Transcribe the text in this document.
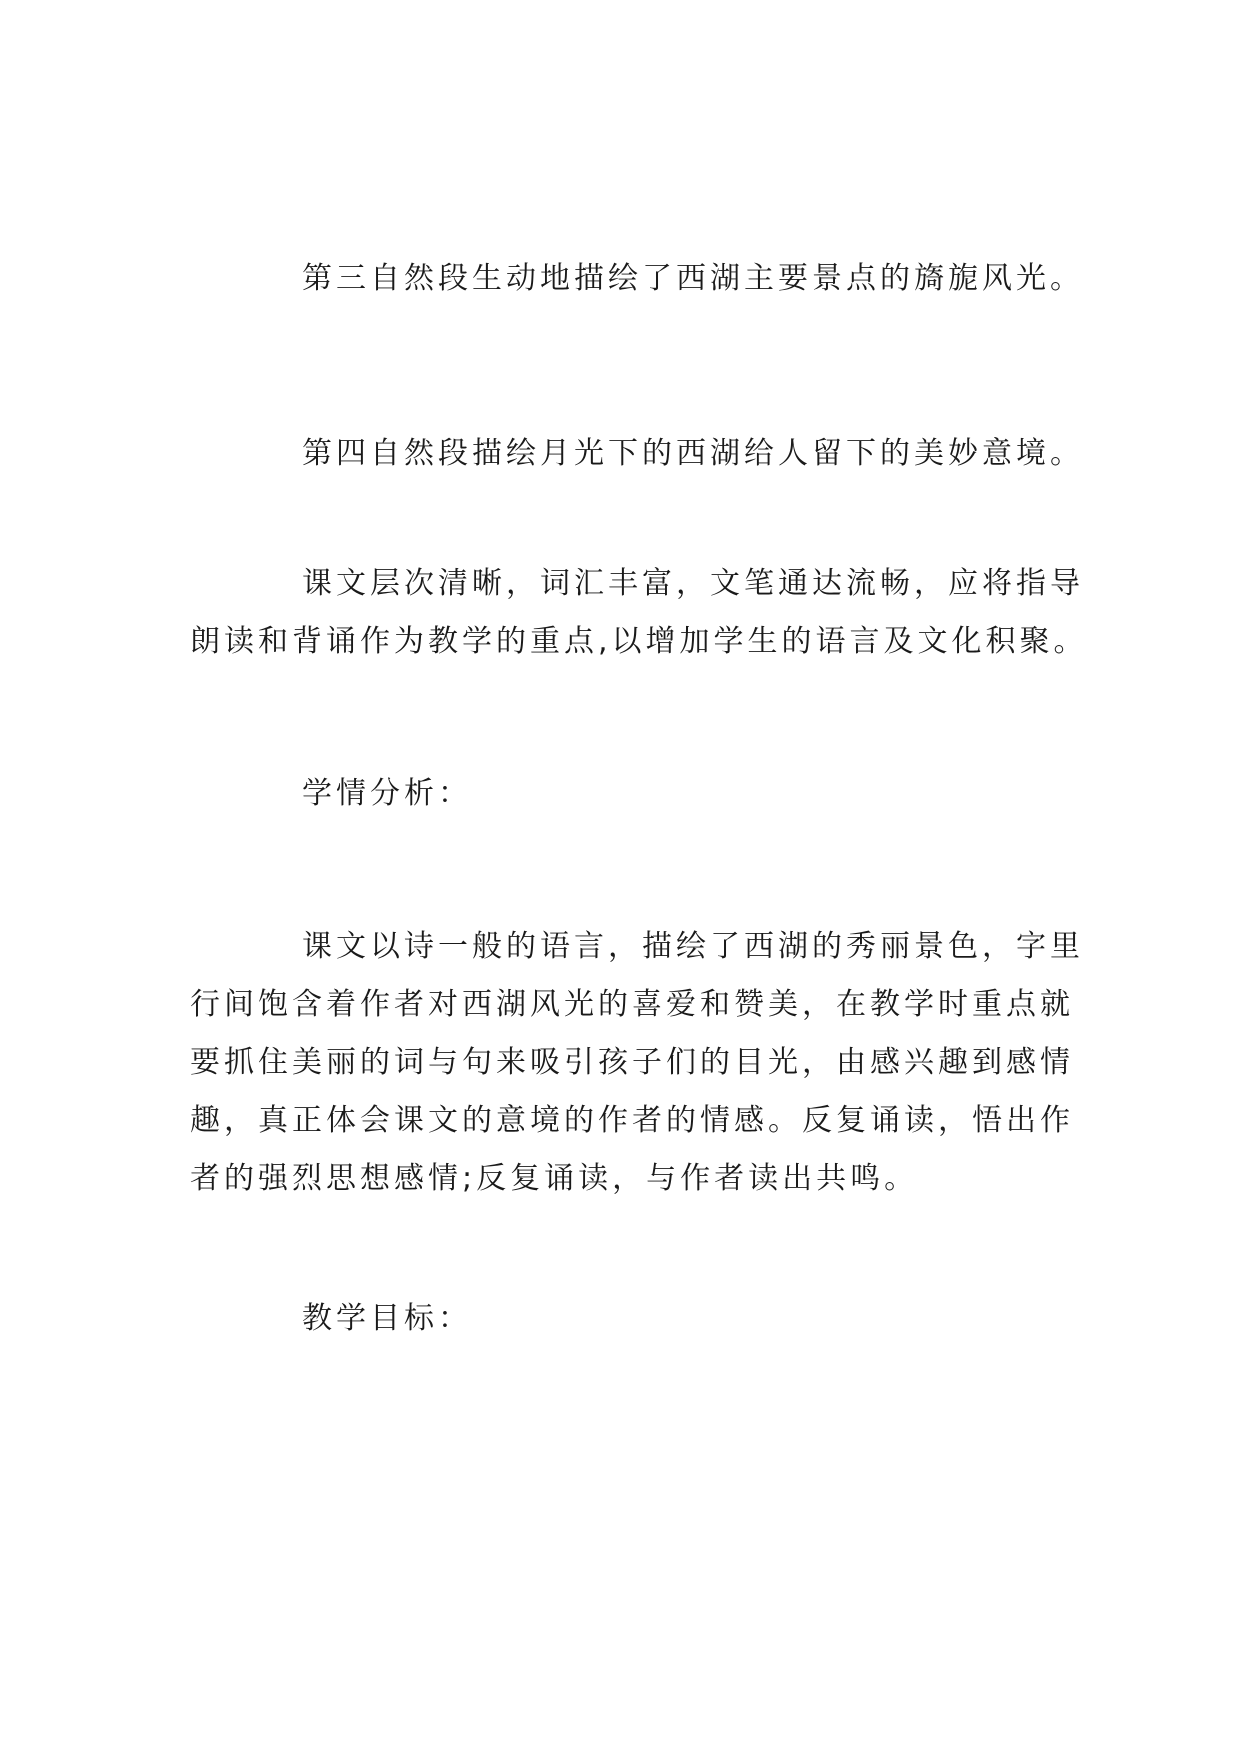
第三自然段生动地描绘了西湖主要景点的旖旎风光。

第四自然段描绘月光下的西湖给人留下的美妙意境。

课文层次清晰，词汇丰富，文笔通达流畅，应将指导
朗读和背诵作为教学的重点,以增加学生的语言及文化积聚。

学情分析：

课文以诗一般的语言，描绘了西湖的秀丽景色，字里
行间饱含着作者对西湖风光的喜爱和赞美，在教学时重点就
要抓住美丽的词与句来吸引孩子们的目光，由感兴趣到感情
趣，真正体会课文的意境的作者的情感。反复诵读，悟出作
者的强烈思想感情;反复诵读，与作者读出共鸣。

教学目标：
